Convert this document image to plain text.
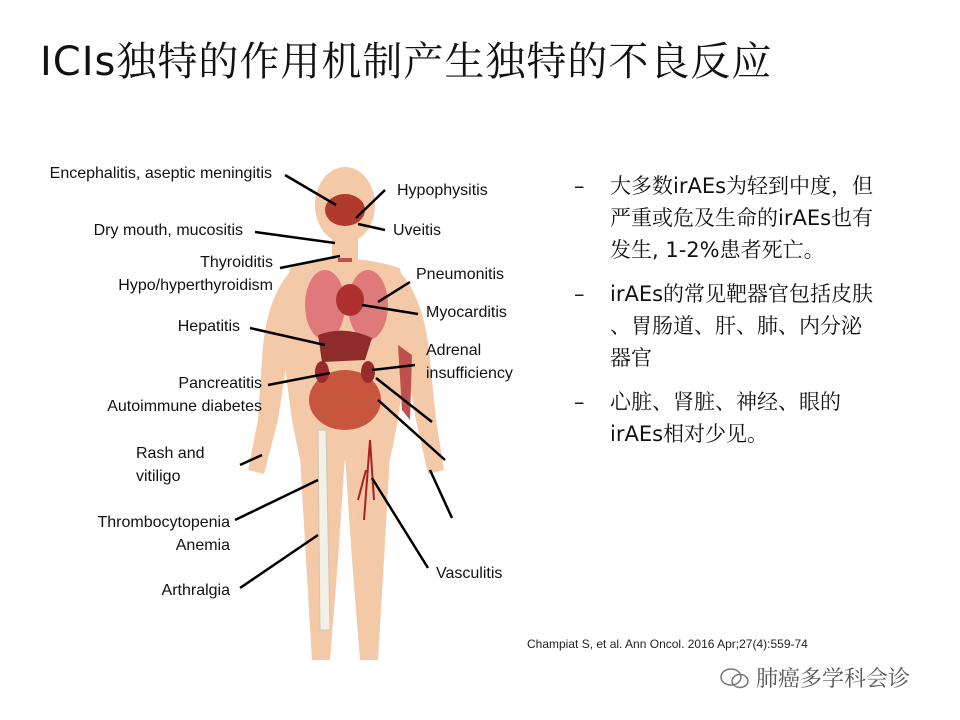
ICIs独特的作用机制产生独特的不良反应
Encephalitis, aseptic meningitis
Dry mouth, mucositis
Thyroiditis
Hypo/hyperthyroidism
Hepatitis
Pancreatitis
Autoimmune diabetes
Rash and
vitiligo
Thrombocytopenia
Anemia
Arthralgia
Hypophysitis
Uveitis
Pneumonitis
Myocarditis
Adrenal
insufficiency
Vasculitis
– 大多数irAEs为轻到中度，但
严重或危及生命的irAEs也有
发生, 1-2%患者死亡。
– irAEs的常见靶器官包括皮肤
、胃肠道、肝、肺、内分泌
器官
– 心脏、肾脏、神经、眼的
irAEs相对少见。
Champiat S, et al. Ann Oncol. 2016 Apr;27(4):559-74
肺癌多学科会诊
